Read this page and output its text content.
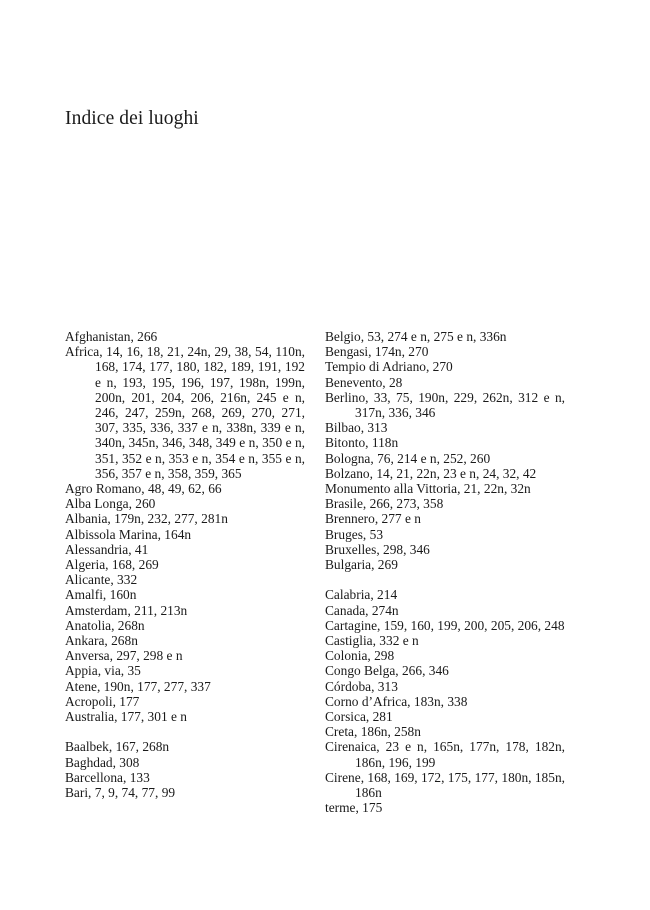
Indice dei luoghi
Afghanistan, 266
Africa, 14, 16, 18, 21, 24n, 29, 38, 54, 110n, 168, 174, 177, 180, 182, 189, 191, 192 e n, 193, 195, 196, 197, 198n, 199n, 200n, 201, 204, 206, 216n, 245 e n, 246, 247, 259n, 268, 269, 270, 271, 307, 335, 336, 337 e n, 338n, 339 e n, 340n, 345n, 346, 348, 349 e n, 350 e n, 351, 352 e n, 353 e n, 354 e n, 355 e n, 356, 357 e n, 358, 359, 365
Agro Romano, 48, 49, 62, 66
Alba Longa, 260
Albania, 179n, 232, 277, 281n
Albissola Marina, 164n
Alessandria, 41
Algeria, 168, 269
Alicante, 332
Amalfi, 160n
Amsterdam, 211, 213n
Anatolia, 268n
Ankara, 268n
Anversa, 297, 298 e n
Appia, via, 35
Atene, 190n, 177, 277, 337
Acropoli, 177
Australia, 177, 301 e n
Baalbek, 167, 268n
Baghdad, 308
Barcellona, 133
Bari, 7, 9, 74, 77, 99
Belgio, 53, 274 e n, 275 e n, 336n
Bengasi, 174n, 270
Tempio di Adriano, 270
Benevento, 28
Berlino, 33, 75, 190n, 229, 262n, 312 e n, 317n, 336, 346
Bilbao, 313
Bitonto, 118n
Bologna, 76, 214 e n, 252, 260
Bolzano, 14, 21, 22n, 23 e n, 24, 32, 42
Monumento alla Vittoria, 21, 22n, 32n
Brasile, 266, 273, 358
Brennero, 277 e n
Bruges, 53
Bruxelles, 298, 346
Bulgaria, 269
Calabria, 214
Canada, 274n
Cartagine, 159, 160, 199, 200, 205, 206, 248
Castiglia, 332 e n
Colonia, 298
Congo Belga, 266, 346
Córdoba, 313
Corno d’Africa, 183n, 338
Corsica, 281
Creta, 186n, 258n
Cirenaica, 23 e n, 165n, 177n, 178, 182n, 186n, 196, 199
Cirene, 168, 169, 172, 175, 177, 180n, 185n, 186n
terme, 175
